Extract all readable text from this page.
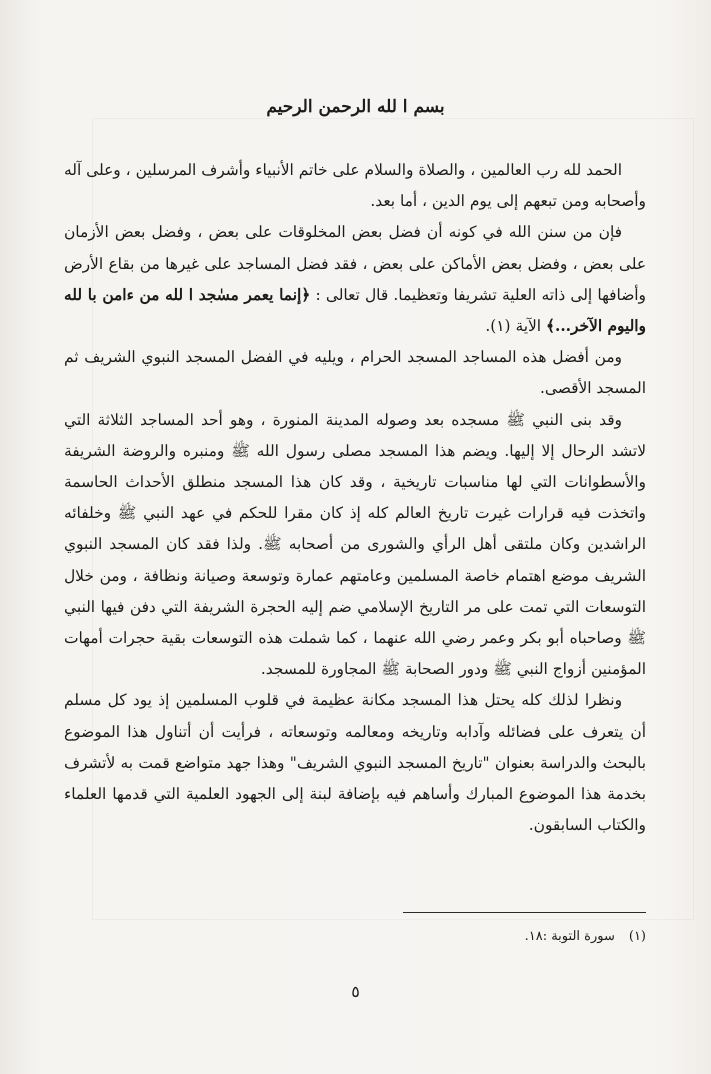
بسم ا لله الرحمن الرحيم

الحمد لله رب العالمين ، والصلاة والسلام على خاتم الأنبياء وأشرف المرسلين ، وعلى آله وأصحابه ومن تبعهم إلى يوم الدين ، أما بعد.

فإن من سنن الله في كونه أن فضل بعض المخلوقات على بعض ، وفضل بعض الأزمان على بعض ، وفضل بعض الأماكن على بعض ، فقد فضل المساجد على غيرها من بقاع الأرض وأضافها إلى ذاته العلية تشريفا وتعظيما. قال تعالى : ﴿إنما يعمر مسٰجد ا لله من ءامن با لله واليوم الآخر...﴾ الآية (١).

ومن أفضل هذه المساجد المسجد الحرام ، ويليه في الفضل المسجد النبوي الشريف ثم المسجد الأقصى.

وقد بنى النبي ﷺ مسجده بعد وصوله المدينة المنورة ، وهو أحد المساجد الثلاثة التي لاتشد الرحال إلا إليها. ويضم هذا المسجد مصلى رسول الله ﷺ ومنبره والروضة الشريفة والأسطوانات التي لها مناسبات تاريخية ، وقد كان هذا المسجد منطلق الأحداث الحاسمة واتخذت فيه قرارات غيرت تاريخ العالم كله إذ كان مقرا للحكم في عهد النبي ﷺ وخلفائه الراشدين وكان ملتقى أهل الرأي والشورى من أصحابه ﷺ. ولذا فقد كان المسجد النبوي الشريف موضع اهتمام خاصة المسلمين وعامتهم عمارة وتوسعة وصيانة ونظافة ، ومن خلال التوسعات التي تمت على مر التاريخ الإسلامي ضم إليه الحجرة الشريفة التي دفن فيها النبي ﷺ وصاحباه أبو بكر وعمر رضي الله عنهما ، كما شملت هذه التوسعات بقية حجرات أمهات المؤمنين أزواج النبي ﷺ ودور الصحابة ﷺ المجاورة للمسجد.

ونظرا لذلك كله يحتل هذا المسجد مكانة عظيمة في قلوب المسلمين إذ يود كل مسلم أن يتعرف على فضائله وآدابه وتاريخه ومعالمه وتوسعاته ، فرأيت أن أتناول هذا الموضوع بالبحث والدراسة بعنوان "تاريخ المسجد النبوي الشريف" وهذا جهد متواضع قمت به لأتشرف بخدمة هذا الموضوع المبارك وأساهم فيه بإضافة لبنة إلى الجهود العلمية التي قدمها العلماء والكتاب السابقون.

(١)سورة التوبة :١٨.
٥
